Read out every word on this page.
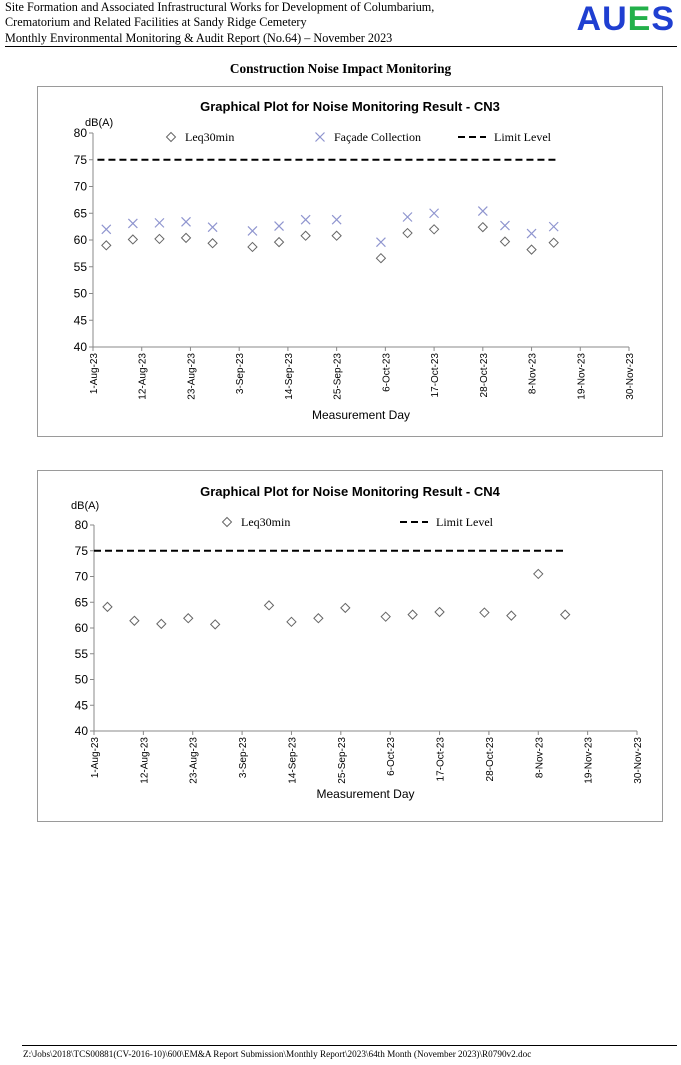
Site Formation and Associated Infrastructural Works for Development of Columbarium,
Crematorium and Related Facilities at Sandy Ridge Cemetery
Monthly Environmental Monitoring & Audit Report (No.64) – November 2023	AUES
Construction Noise Impact Monitoring
Graphical Plot for Noise Monitoring Result - CN3
dB(A)
40
45
50
55
60
65
70
75
80
1-Aug-23	12-Aug-23	23-Aug-23	3-Sep-23	14-Sep-23	25-Sep-23	6-Oct-23	17-Oct-23	28-Oct-23	8-Nov-23	19-Nov-23	30-Nov-23
Measurement Day
Leq30min	Façade Collection	Limit Level
Graphical Plot for Noise Monitoring Result - CN4
dB(A)
40
45
50
55
60
65
70
75
80
1-Aug-23	12-Aug-23	23-Aug-23	3-Sep-23	14-Sep-23	25-Sep-23	6-Oct-23	17-Oct-23	28-Oct-23	8-Nov-23	19-Nov-23	30-Nov-23
Measurement Day
Leq30min	Limit Level
Z:\Jobs\2018\TCS00881(CV-2016-10)\600\EM&A Report Submission\Monthly Report\2023\64th Month (November 2023)\R0790v2.doc
